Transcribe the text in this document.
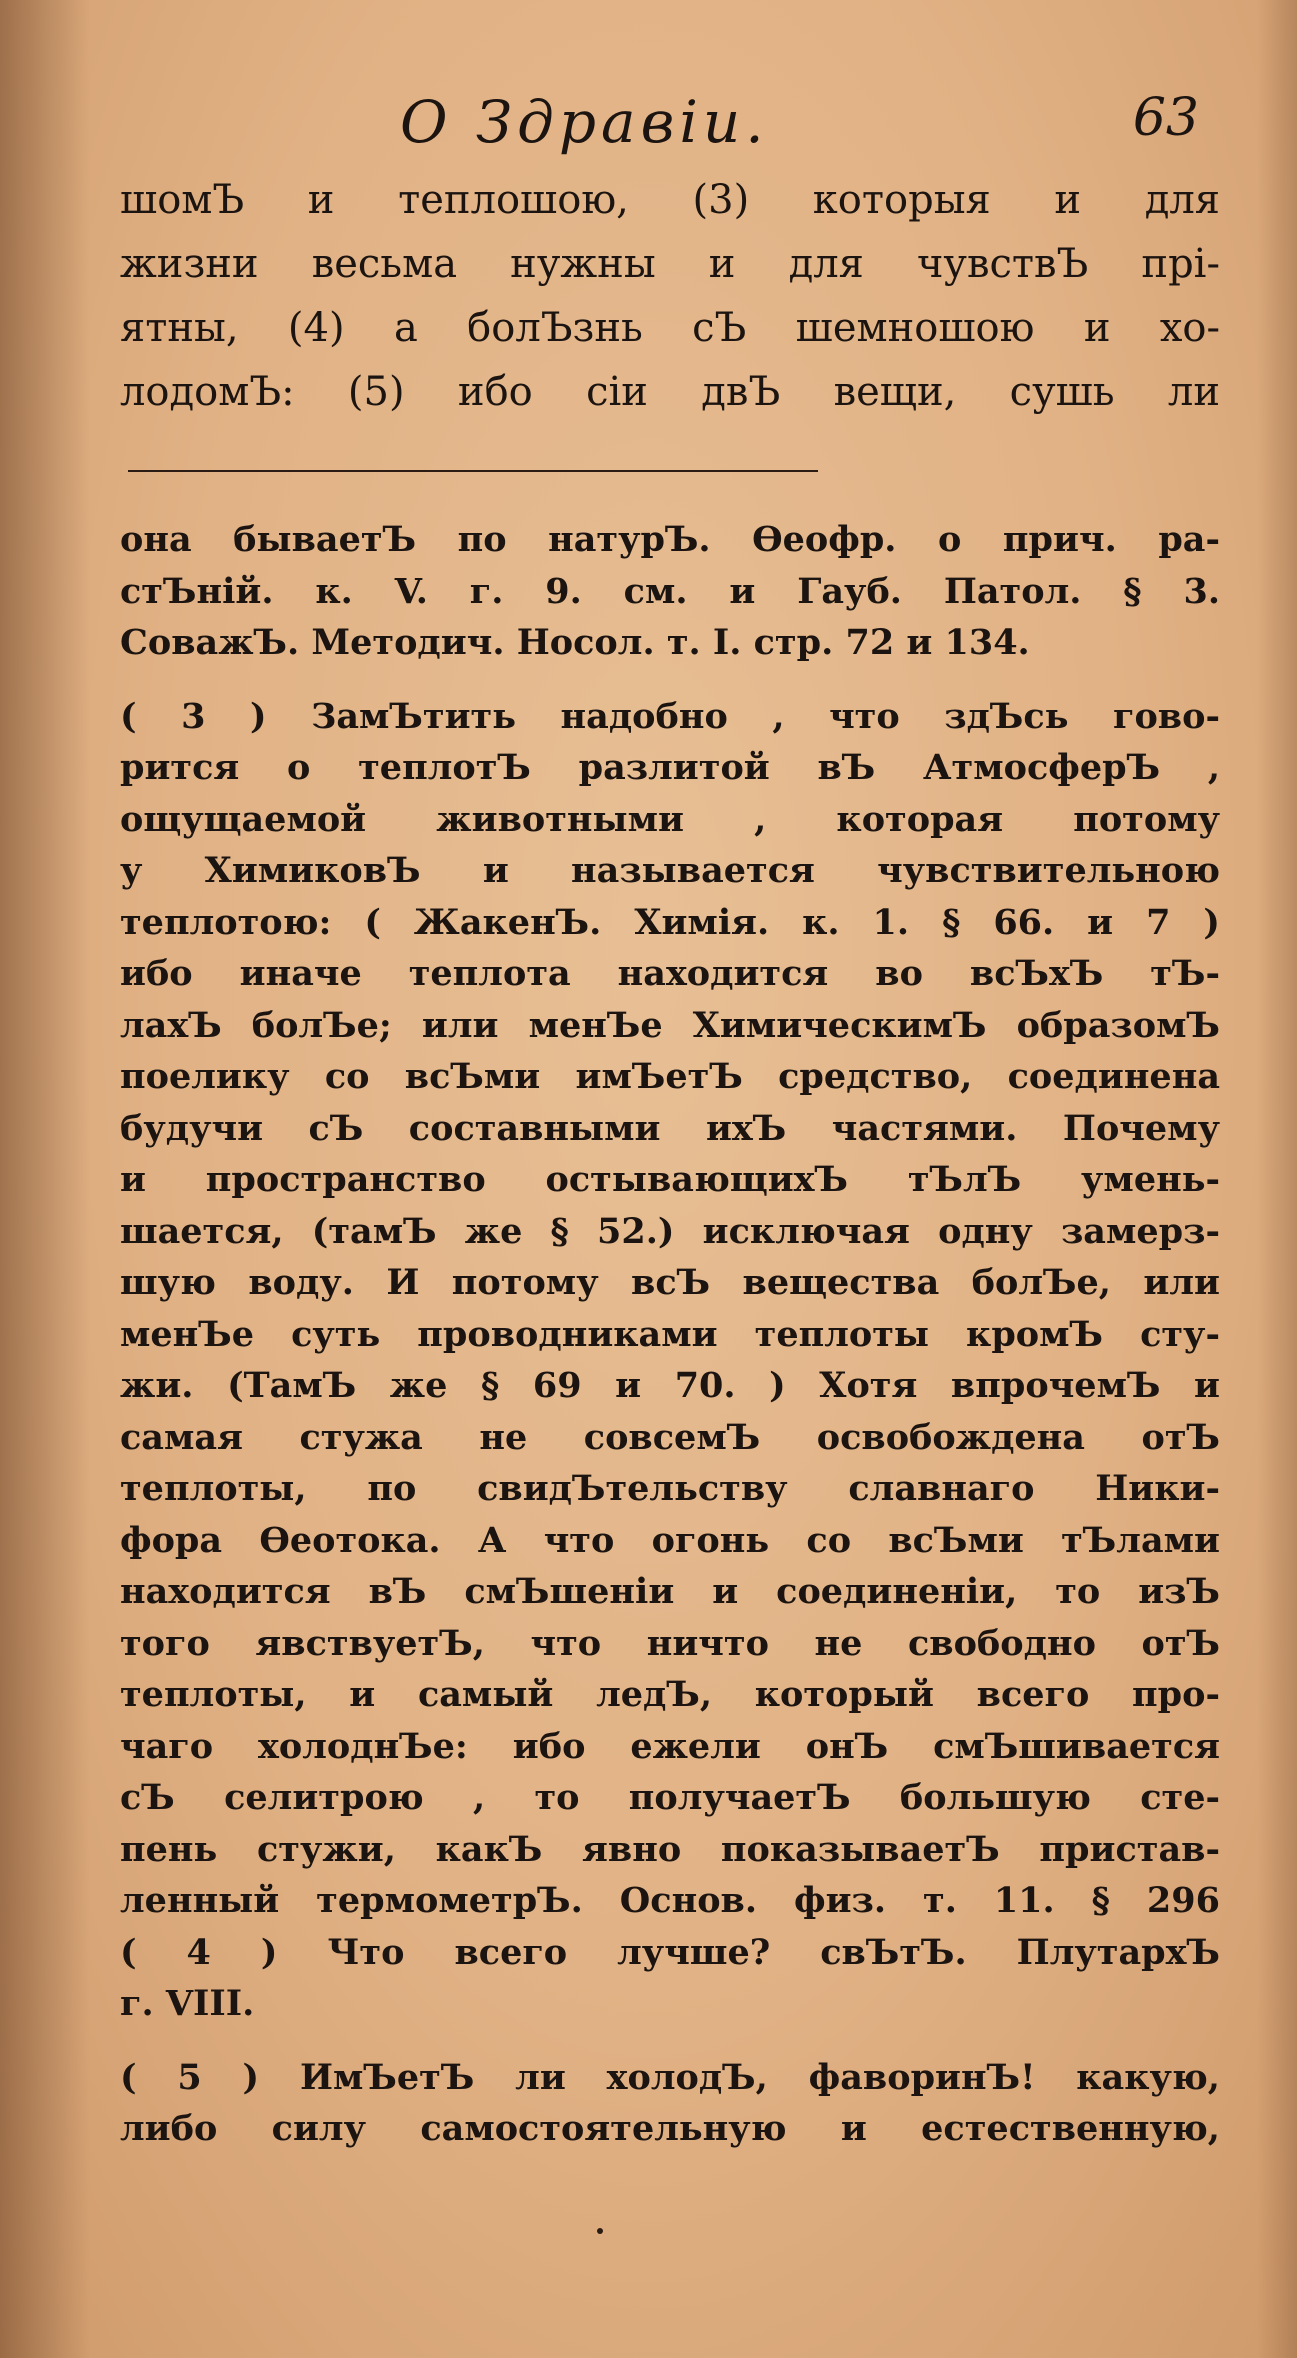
О Здравіи.	63
шомЪ и теплошою, (3) которыя и для
жизни весьма нужны и для чувствЪ прі-
ятны, (4) а болЪзнь сЪ шемношою и хо-
лодомЪ: (5) ибо сіи двЪ вещи, сушь ли
она бываетЪ по натурЪ. Өеофр. о прич. ра-
стЪній. к. V. г. 9. см. и Гауб. Патол. § 3.
СоважЪ. Методич. Носол. т. I. стр. 72 и 134.
( 3 ) ЗамЪтить надобно , что здЪсь гово-
рится о теплотЪ разлитой вЪ АтмосферЪ ,
ощущаемой животными , которая потому
у ХимиковЪ и называется чувствительною
теплотою: ( ЖакенЪ. Химія. к. 1. § 66. и 7 )
ибо иначе теплота находится во всЪхЪ тЪ-
лахЪ болЪе; или менЪе ХимическимЪ образомЪ
поелику со всЪми имЪетЪ средство, соединена
будучи сЪ составными ихЪ частями. Почему
и пространство остывающихЪ тЪлЪ умень-
шается, (тамЪ же § 52.) исключая одну замерз-
шую воду. И потому всЪ вещества болЪе, или
менЪе суть проводниками теплоты кромЪ сту-
жи. (ТамЪ же § 69 и 70. ) Хотя впрочемЪ и
самая стужа не совсемЪ освобождена отЪ
теплоты, по свидЪтельству славнаго Ники-
фора Өеотока. А что огонь со всЪми тЪлами
находится вЪ смЪшеніи и соединеніи, то изЪ
того явствуетЪ, что ничто не свободно отЪ
теплоты, и самый ледЪ, который всего про-
чаго холоднЪе: ибо ежели онЪ смЪшивается
сЪ селитрою , то получаетЪ большую сте-
пень стужи, какЪ явно показываетЪ пристав-
ленный термометрЪ. Основ. физ. т. 11. § 296
( 4 ) Что всего лучше? свЪтЪ. ПлутархЪ
г. VIII.
( 5 ) ИмЪетЪ ли холодЪ, фаворинЪ! какую,
либо силу самостоятельную и естественную,
